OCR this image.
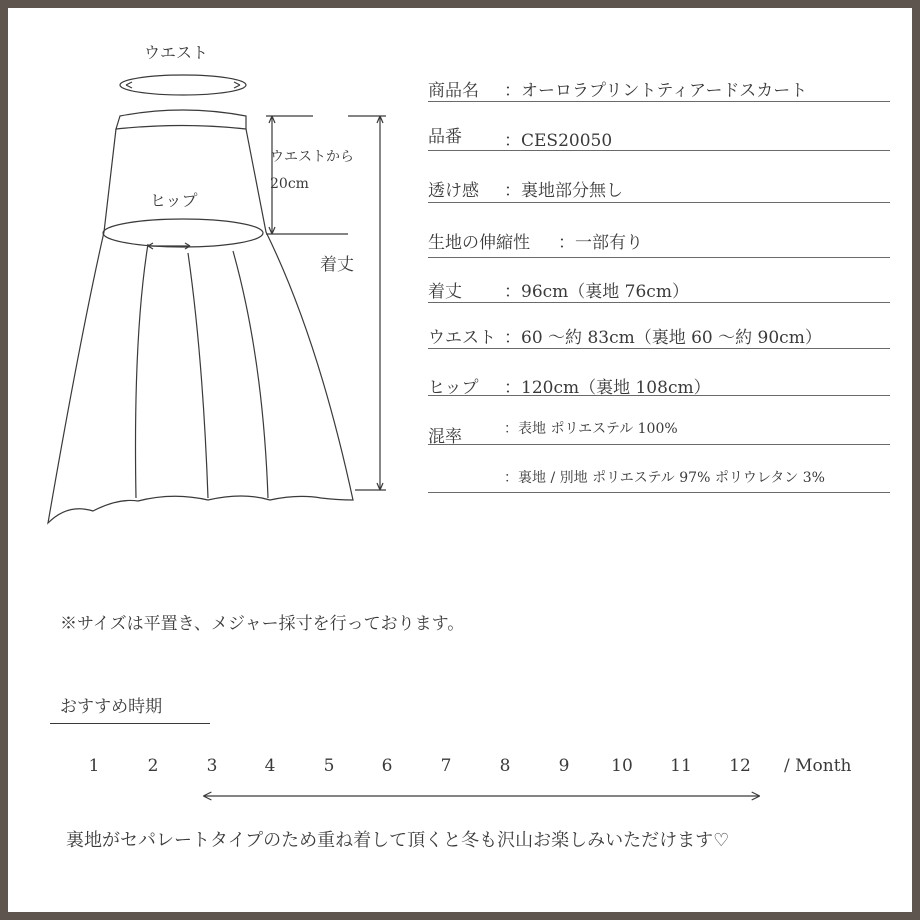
ウエスト
ウエストから
20cm
ヒップ
着丈
商品名 ：オーロラプリントティアードスカート
品番 ：CES20050
透け感 ：裏地部分無し
生地の伸縮性 ：一部有り
着丈 ：96cm（裏地 76cm）
ウエスト ：60 〜約 83cm（裏地 60 〜約 90cm）
ヒップ ：120cm（裏地 108cm）
混率	：表地 ポリエステル 100%
：裏地 / 別地 ポリエステル 97% ポリウレタン 3%
※サイズは平置き、メジャー採寸を行っております。
おすすめ時期
1	2	3	4	5	6	7	8	9 10 11 12 / Month
裏地がセパレートタイプのため重ね着して頂くと冬も沢山お楽しみいただけます♡
